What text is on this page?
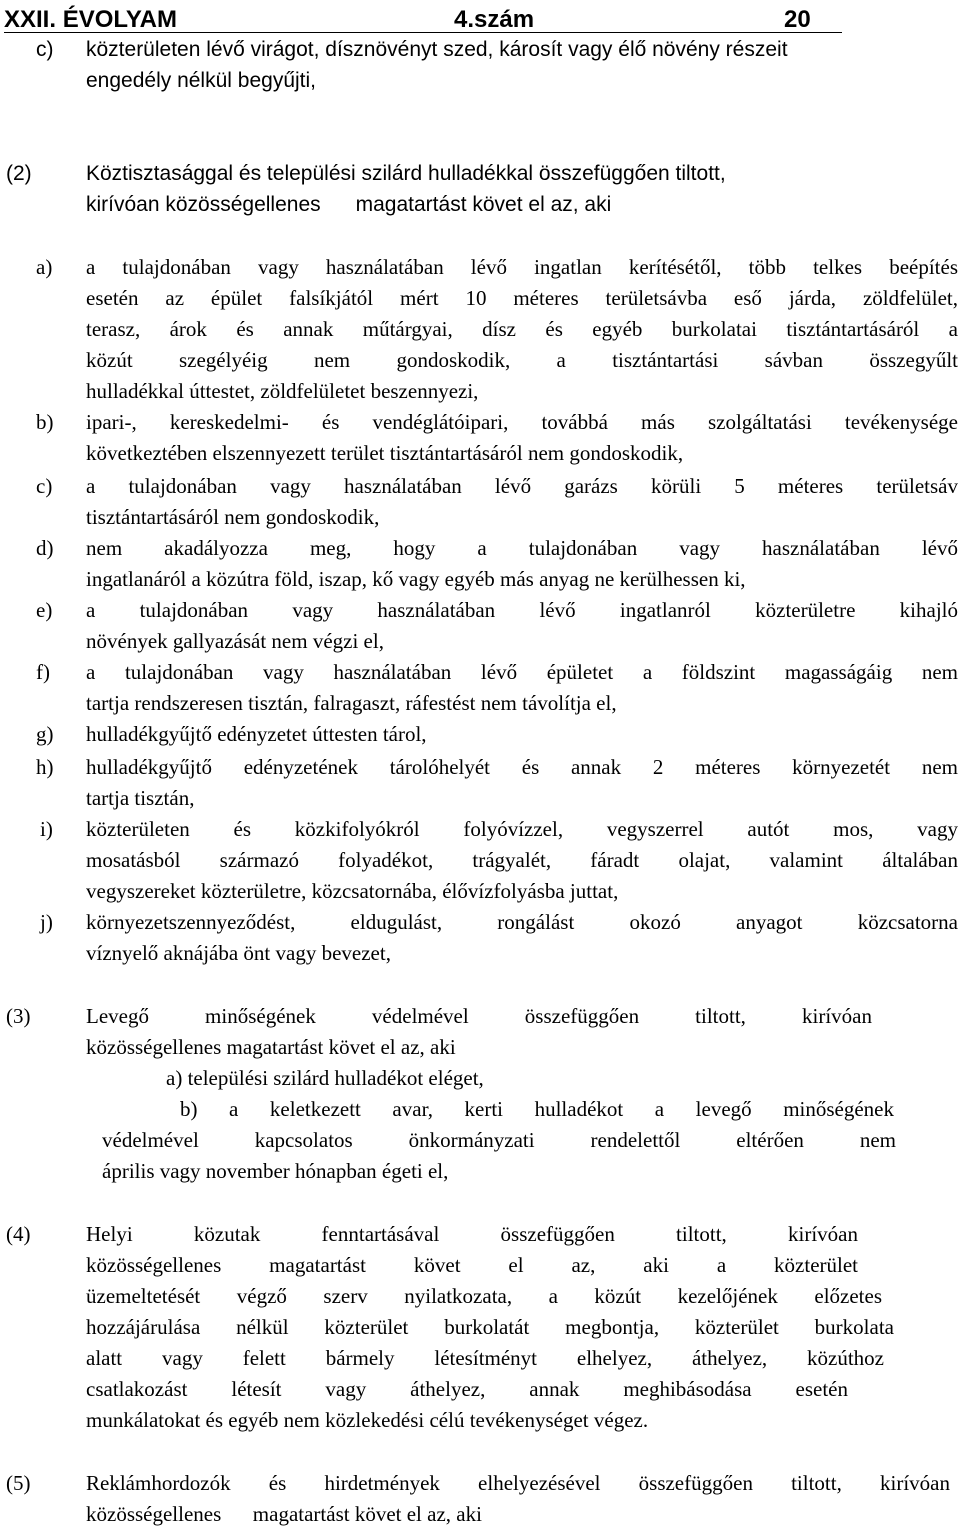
XXII. ÉVOLYAM	4.szám	20
c) közterületen lévő virágot, dísznövényt szed, károsít vagy élő növény részeit
engedély nélkül begyűjti,
(2)	Köztisztasággal és települési szilárd hulladékkal összefüggően tiltott,
kirívóan közösségellenes      magatartást követ el az, aki
a) a tulajdonában vagy használatában lévő ingatlan kerítésétől, több telkes beépítés
esetén az épület falsíkjától mért 10 méteres területsávba eső járda, zöldfelület,
terasz, árok és annak műtárgyai, dísz és egyéb burkolatai tisztántartásáról a
közút szegélyéig nem gondoskodik, a tisztántartási sávban összegyűlt
hulladékkal úttestet, zöldfelületet beszennyezi,
b) ipari-, kereskedelmi- és vendéglátóipari, továbbá más szolgáltatási tevékenysége
következtében elszennyezett terület tisztántartásáról nem gondoskodik,
c) a tulajdonában vagy használatában lévő garázs körüli 5 méteres területsáv
tisztántartásáról nem gondoskodik,
d) nem akadályozza meg, hogy a tulajdonában vagy használatában lévő
ingatlanáról a közútra föld, iszap, kő vagy egyéb más anyag ne kerülhessen ki,
e) a tulajdonában vagy használatában lévő ingatlanról közterületre kihajló
növények gallyazását nem végzi el,
f) a tulajdonában vagy használatában lévő épületet a földszint magasságáig nem
tartja rendszeresen tisztán, falragaszt, ráfestést nem távolítja el,
g) hulladékgyűjtő edényzetet úttesten tárol,
h) hulladékgyűjtő edényzetének tárolóhelyét és annak 2 méteres környezetét nem
tartja tisztán,
i) közterületen és közkifolyókról folyóvízzel, vegyszerrel autót mos, vagy
mosatásból származó folyadékot, trágyalét, fáradt olajat, valamint általában
vegyszereket közterületre, közcsatornába, élővízfolyásba juttat,
j) környezetszennyeződést, eldugulást, rongálást okozó anyagot közcsatorna
víznyelő aknájába önt vagy bevezet,
(3)	Levegő minőségének védelmével összefüggően tiltott, kirívóan
közösségellenes magatartást követ el az, aki
a) települési szilárd hulladékot eléget,
b) a keletkezett avar, kerti hulladékot a levegő minőségének
védelmével kapcsolatos önkormányzati rendelettől eltérően nem
április vagy november hónapban égeti el,
(4)	Helyi közutak fenntartásával összefüggően tiltott, kirívóan
közösségellenes magatartást követ el az, aki a közterület
üzemeltetését végző szerv nyilatkozata, a közút kezelőjének előzetes
hozzájárulása nélkül közterület burkolatát megbontja, közterület burkolata
alatt vagy felett bármely létesítményt elhelyez, áthelyez, közúthoz
csatlakozást létesít vagy áthelyez, annak meghibásodása esetén
munkálatokat és egyéb nem közlekedési célú tevékenységet végez.
(5)	Reklámhordozók és hirdetmények elhelyezésével összefüggően tiltott, kirívóan
közösségellenes      magatartást követ el az, aki
